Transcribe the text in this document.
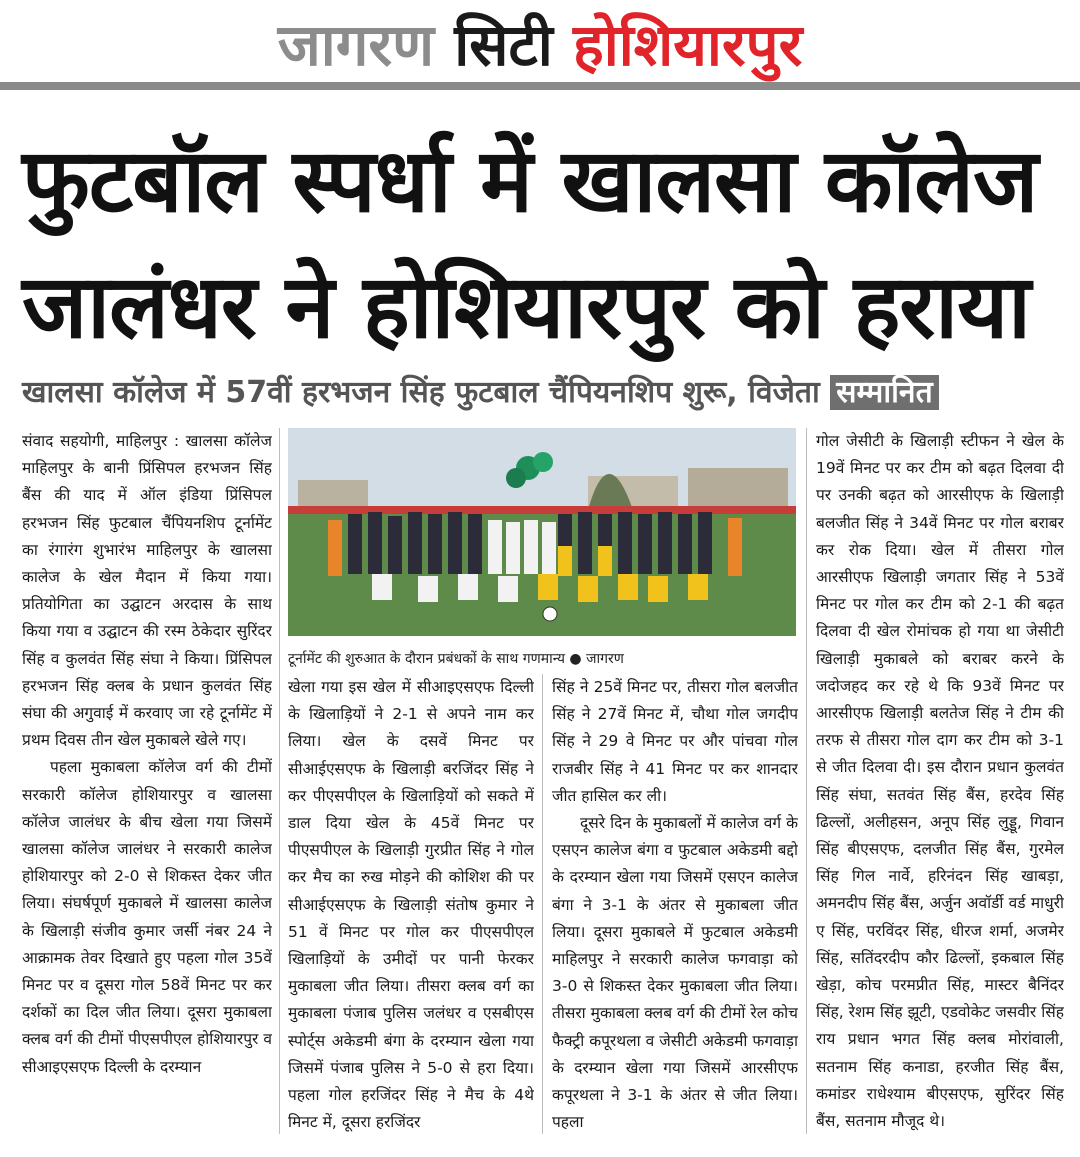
जागरण सिटी होशियारपुर
फुटबॉल स्पर्धा में खालसा कॉलेज
जालंधर ने होशियारपुर को हराया
खालसा कॉलेज में 57वीं हरभजन सिंह फुटबाल चैंपियनशिप शुरू, विजेता सम्मानित

संवाद सहयोगी, माहिलपुर : खालसा कॉलेज माहिलपुर के बानी प्रिंसिपल हरभजन सिंह बैंस की याद में ऑल इंडिया प्रिंसिपल हरभजन सिंह फुटबाल चैंपियनशिप टूर्नामेंट का रंगारंग शुभारंभ माहिलपुर के खालसा कालेज के खेल मैदान में किया गया। प्रतियोगिता का उद्घाटन अरदास के साथ किया गया व उद्घाटन की रस्म ठेकेदार सुरिंदर सिंह व कुलवंत सिंह संघा ने किया। प्रिंसिपल हरभजन सिंह क्लब के प्रधान कुलवंत सिंह संघा की अगुवाई में करवाए जा रहे टूर्नामेंट में प्रथम दिवस तीन खेल मुकाबले खेले गए।

पहला मुकाबला कॉलेज वर्ग की टीमों सरकारी कॉलेज होशियारपुर व खालसा कॉलेज जालंधर के बीच खेला गया जिसमें खालसा कॉलेज जालंधर ने सरकारी कालेज होशियारपुर को 2-0 से शिकस्त देकर जीत लिया। संघर्षपूर्ण मुकाबले में खालसा कालेज के खिलाड़ी संजीव कुमार जर्सी नंबर 24 ने आक्रामक तेवर दिखाते हुए पहला गोल 35वें मिनट पर व दूसरा गोल 58वें मिनट पर कर दर्शकों का दिल जीत लिया। दूसरा मुकाबला क्लब वर्ग की टीमों पीएसपीएल होशियारपुर व सीआइएसएफ दिल्ली के दरम्यान

टूर्नामेंट की शुरुआत के दौरान प्रबंधकों के साथ गणमान्य ● जागरण

खेला गया इस खेल में सीआइएसएफ दिल्ली के खिलाड़ियों ने 2-1 से अपने नाम कर लिया। खेल के दसवें मिनट पर सीआईएसएफ के खिलाड़ी बरजिंदर सिंह ने कर पीएसपीएल के खिलाड़ियों को सकते में डाल दिया खेल के 45वें मिनट पर पीएसपीएल के खिलाड़ी गुरप्रीत सिंह ने गोल कर मैच का रुख मोड़ने की कोशिश की पर सीआईएसएफ के खिलाड़ी संतोष कुमार ने 51 वें मिनट पर गोल कर पीएसपीएल खिलाड़ियों के उमीदों पर पानी फेरकर मुकाबला जीत लिया। तीसरा क्लब वर्ग का मुकाबला पंजाब पुलिस जलंधर व एसबीएस स्पोर्ट्स अकेडमी बंगा के दरम्यान खेला गया जिसमें पंजाब पुलिस ने 5-0 से हरा दिया। पहला गोल हरजिंदर सिंह ने मैच के 4थे मिनट में, दूसरा हरजिंदर

सिंह ने 25वें मिनट पर, तीसरा गोल बलजीत सिंह ने 27वें मिनट में, चौथा गोल जगदीप सिंह ने 29 वे मिनट पर और पांचवा गोल राजबीर सिंह ने 41 मिनट पर कर शानदार जीत हासिल कर ली।

दूसरे दिन के मुकाबलों में कालेज वर्ग के एसएन कालेज बंगा व फुटबाल अकेडमी बद्दो के दरम्यान खेला गया जिसमें एसएन कालेज बंगा ने 3-1 के अंतर से मुकाबला जीत लिया। दूसरा मुकाबले में फुटबाल अकेडमी माहिलपुर ने सरकारी कालेज फगवाड़ा को 3-0 से शिकस्त देकर मुकाबला जीत लिया। तीसरा मुकाबला क्लब वर्ग की टीमों रेल कोच फैक्ट्री कपूरथला व जेसीटी अकेडमी फगवाड़ा के दरम्यान खेला गया जिसमें आरसीएफ कपूरथला ने 3-1 के अंतर से जीत लिया। पहला

गोल जेसीटी के खिलाड़ी स्टीफन ने खेल के 19वें मिनट पर कर टीम को बढ़त दिलवा दी पर उनकी बढ़त को आरसीएफ के खिलाड़ी बलजीत सिंह ने 34वें मिनट पर गोल बराबर कर रोक दिया। खेल में तीसरा गोल आरसीएफ खिलाड़ी जगतार सिंह ने 53वें मिनट पर गोल कर टीम को 2-1 की बढ़त दिलवा दी खेल रोमांचक हो गया था जेसीटी खिलाड़ी मुकाबले को बराबर करने के जदोजहद कर रहे थे कि 93वें मिनट पर आरसीएफ खिलाड़ी बलतेज सिंह ने टीम की तरफ से तीसरा गोल दाग कर टीम को 3-1 से जीत दिलवा दी। इस दौरान प्रधान कुलवंत सिंह संघा, सतवंत सिंह बैंस, हरदेव सिंह ढिल्लों, अलीहसन, अनूप सिंह लुड्डू, गिवान सिंह बीएसएफ, दलजीत सिंह बैंस, गुरमेल सिंह गिल नार्वे, हरिनंदन सिंह खाबड़ा, अमनदीप सिंह बैंस, अर्जुन अवॉर्डी वर्ड माधुरी ए सिंह, परविंदर सिंह, धीरज शर्मा, अजमेर सिंह, सतिंदरदीप कौर ढिल्लों, इकबाल सिंह खेड़ा, कोच परमप्रीत सिंह, मास्टर बैनिंदर सिंह, रेशम सिंह झूटी, एडवोकेट जसवीर सिंह राय प्रधान भगत सिंह क्लब मोरांवाली, सतनाम सिंह कनाडा, हरजीत सिंह बैंस, कमांडर राधेश्याम बीएसएफ, सुरिंदर सिंह बैंस, सतनाम मौजूद थे।
